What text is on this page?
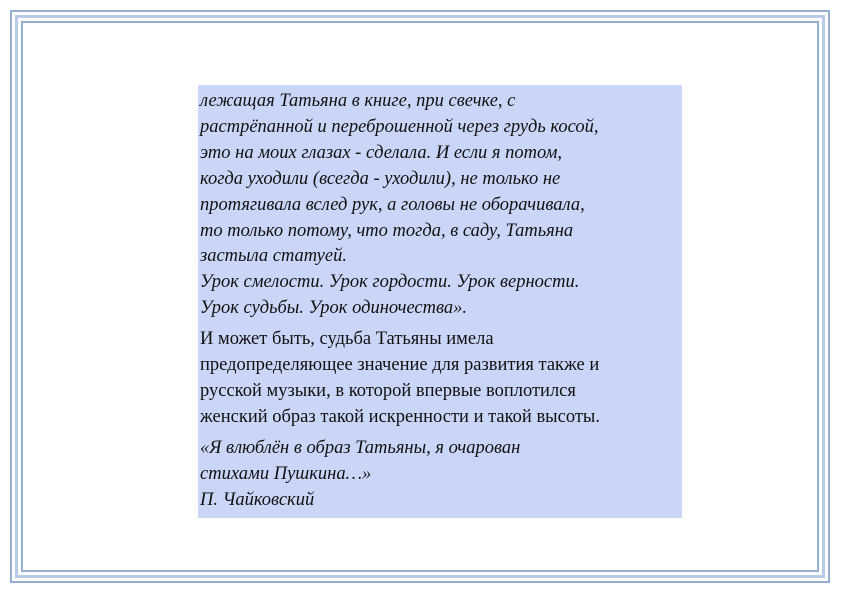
лежащая Татьяна в книге, при свечке, с
растрёпанной и переброшенной через грудь косой,
это на моих глазах - сделала. И если я потом,
когда уходили (всегда - уходили), не только не
протягивала вслед рук, а головы не оборачивала,
то только потому, что тогда, в саду, Татьяна
застыла статуей.
Урок смелости. Урок гордости. Урок верности.
Урок судьбы. Урок одиночества».

И может быть, судьба Татьяны имела
предопределяющее значение для развития также и
русской музыки, в которой впервые воплотился
женский образ такой искренности и такой высоты.

«Я влюблён в образ Татьяны, я очарован
стихами Пушкина…»
П. Чайковский
